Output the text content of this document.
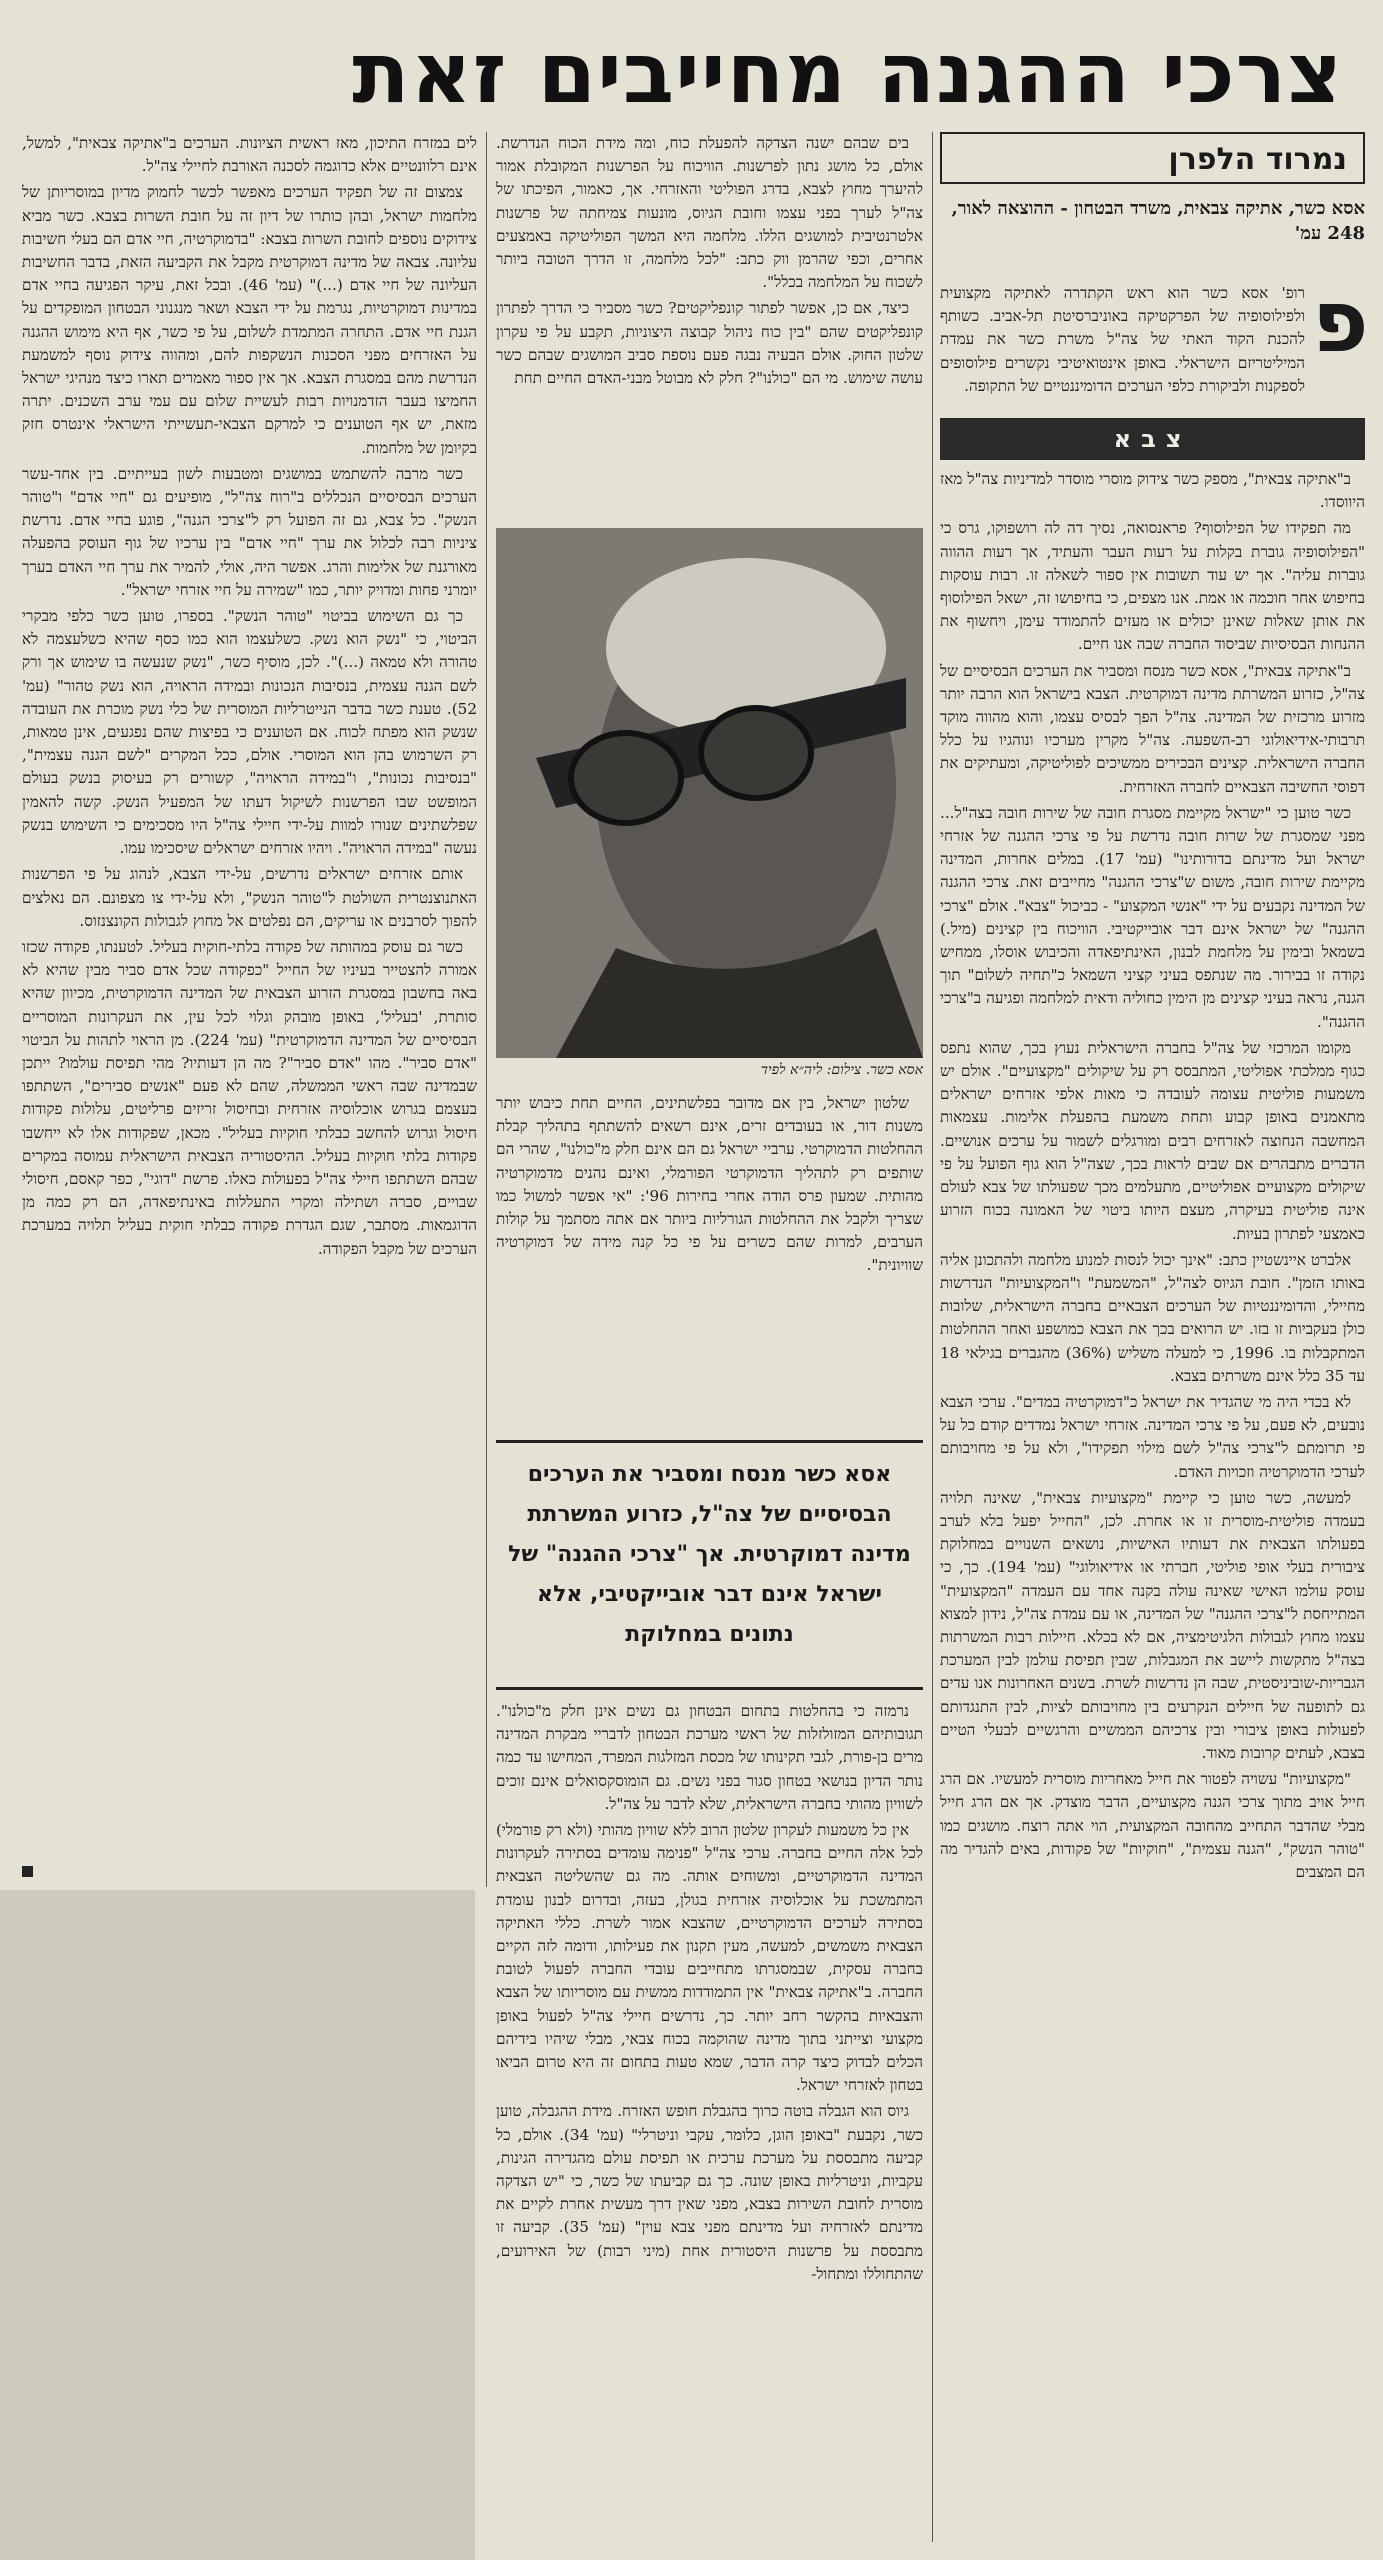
צרכי ההגנה מחייבים זאת
נמרוד הלפרן
אסא כשר, אתיקה צבאית, משרד הבטחון - ההוצאה לאור, 248 עמ'
פ

רופ' אסא כשר הוא ראש הקתדרה לאתיקה מקצועית ולפילוסופיה של הפרקטיקה באוניברסיטת תל-אביב. כשותף להכנת הקוד האתי של צה"ל משרת כשר את עמדת המיליטריזם הישראלי. באופן אינטואיטיבי נקשרים פילוסופים לספקנות ולביקורת כלפי הערכים הדומיננטיים של התקופה.

צבא

ב"אתיקה צבאית", מספק כשר צידוק מוסרי מוסדר למדיניות צה"ל מאז היווסדו.

מה תפקידו של הפילוסוף? פראנסואה, נסיך דה לה רושפוקו, גרס כי "הפילוסופיה גוברת בקלות על רעות העבר והעתיד, אך רעות ההווה גוברות עליה". אך יש עוד תשובות אין ספור לשאלה זו. רבות עוסקות בחיפוש אחר חוכמה או אמת. אנו מצפים, כי בחיפושו זה, ישאל הפילוסוף את אותן שאלות שאינן יכולים או מעזים להתמודד עימן, ויחשוף את ההנחות הבסיסיות שביסוד החברה שבה אנו חיים.

ב"אתיקה צבאית", אסא כשר מנסח ומסביר את הערכים הבסיסיים של צה"ל, כזרוע המשרתת מדינה דמוקרטית. הצבא בישראל הוא הרבה יותר מזרוע מרכזית של המדינה. צה"ל הפך לבסיס עצמו, והוא מהווה מוקד תרבותי-אידיאולוגי רב-השפעה. צה"ל מקרין מערכיו ונוהגיו על כלל החברה הישראלית. קצינים הבכירים ממשיכים לפוליטיקה, ומעתיקים את דפוסי החשיבה הצבאיים לחברה האזרחית.

כשר טוען כי "ישראל מקיימת מסגרת חובה של שירות חובה בצה"ל... מפני שמסגרת של שרות חובה נדרשת על פי צרכי ההגנה של אזרחי ישראל ועל מדינתם בדורותינו" (עמ' 17). במלים אחרות, המדינה מקיימת שירות חובה, משום ש"צרכי ההגנה" מחייבים זאת. צרכי ההגנה של המדינה נקבעים על ידי "אנשי המקצוע" - כביכול "צבא". אולם "צרכי ההגנה" של ישראל אינם דבר אובייקטיבי. הוויכוח בין קצינים (מיל.) בשמאל ובימין על מלחמת לבנון, האינתיפאדה והכיבוש אוסלו, ממחיש נקודה זו בבירור. מה שנתפס בעיני קציני השמאל כ"תחיה לשלום" תוך הגנה, נראה בעיני קצינים מן הימין כחוליה ודאית למלחמה ופגיעה ב"צרכי ההגנה".

מקומו המרכזי של צה"ל בחברה הישראלית נעוץ בכך, שהוא נתפס כגוף ממלכתי אפוליטי, המתבסס רק על שיקולים "מקצועיים". אולם יש משמעות פוליטית עצומה לעובדה כי מאות אלפי אזרחים ישראלים מתאמנים באופן קבוע ותחת משמעת בהפעלת אלימות. עצמאות המחשבה הנחוצה לאזרחים רבים ומורגלים לשמור על ערכים אנושיים. הדברים מתבהרים אם שבים לראות בכך, שצה"ל הוא גוף הפועל על פי שיקולים מקצועיים אפוליטיים, מתעלמים מכך שפעולתו של צבא לעולם אינה פוליטית בעיקרה, מעצם היותו ביטוי של האמונה בכוח הזרוע כאמצעי לפתרון בעיות.

אלברט איינשטיין כתב: "אינך יכול לנסות למנוע מלחמה ולהתכונן אליה באותו הזמן". חובת הגיוס לצה"ל, "המשמעת" ו"המקצועיות" הנדרשות מחיילי, והדומיננטיות של הערכים הצבאיים בחברה הישראלית, שלובות כולן בעקביות זו בזו. יש הרואים בכך את הצבא כמושפע ואחר ההחלטות המתקבלות בו. 1996, כי למעלה משליש (36%) מהגברים בגילאי 18 עד 35 כלל אינם משרתים בצבא.

לא בכדי היה מי שהגדיר את ישראל כ"דמוקרטיה במדים". ערכי הצבא נובעים, לא פעם, על פי צרכי המדינה. אזרחי ישראל נמדדים קודם כל על פי תרומתם ל"צרכי צה"ל לשם מילוי תפקידו", ולא על פי מחויבותם לערכי הדמוקרטיה וזכויות האדם.

למעשה, כשר טוען כי קיימת "מקצועיות צבאית", שאינה תלויה בעמדה פוליטית-מוסרית זו או אחרת. לכן, "החייל יפעל בלא לערב בפעולתו הצבאית את דעותיו האישיות, נושאים השנויים במחלוקת ציבורית בעלי אופי פוליטי, חברתי או אידיאולוגי" (עמ' 194). כך, כי עוסק עולמו האישי שאינה עולה בקנה אחד עם העמדה "המקצועית" המתייחסת ל"צרכי ההגנה" של המדינה, או עם עמדת צה"ל, נידון למצוא עצמו מחוץ לגבולות הלגיטימציה, אם לא בכלא. חיילות רבות המשרתות בצה"ל מתקשות ליישב את המגבלות, שבין תפיסת עולמן לבין המערכת הגבריות-שוביניסטית, שבה הן נדרשות לשרת. בשנים האחרונות אנו עדים גם לתופעה של חיילים הנקרעים בין מחויבותם לציות, לבין התנגדותם לפעולות באופן ציבורי ובין צרכיהם הממשיים והרגשיים לבעלי הטיים בצבא, לעתים קרובות מאוד.

"מקצועיות" עשויה לפטור את חייל מאחריות מוסרית למעשיו. אם הרג חייל אויב מתוך צרכי הגנה מקצועיים, הדבר מוצדק. אך אם הרג חייל מבלי שהדבר התחייב מהחובה המקצועית, הוי אתה רוצח. מושגים כמו "טוהר הנשק", "הגנה עצמית", "חוקיות" של פקודות, באים להגדיר מה הם המצבים

בים שבהם ישנה הצדקה להפעלת כוח, ומה מידת הכוח הנדרשת. אולם, כל מושג נתון לפרשנות. הוויכוח על הפרשנות המקובלת אמור להיערך מחוץ לצבא, בדרג הפוליטי והאזרחי. אך, כאמור, הפיכתו של צה"ל לערך בפני עצמו וחובת הגיוס, מונעות צמיחתה של פרשנות אלטרנטיבית למושגים הללו. מלחמה היא המשך הפוליטיקה באמצעים אחרים, וכפי שהרמן ווק כתב: "לכל מלחמה, זו הדרך הטובה ביותר לשכוח על המלחמה בכלל".

כיצד, אם כן, אפשר לפתור קונפליקטים? כשר מסביר כי הדרך לפתרון קונפליקטים שהם "בין כוח ניהול קבוצה היצוניות, תקבע על פי עקרון שלטון החוק. אולם הבעיה נבגה פעם נוספת סביב המושגים שבהם כשר עושה שימוש. מי הם "כולנו"? חלק לא מבוטל מבני-האדם החיים תחת

אסא כשר. צילום: ליה״א לפיד

שלטון ישראל, בין אם מדובר בפלשתינים, החיים תחת כיבוש יותר משנות דור, או בעובדים זרים, אינם רשאים להשתתף בתהליך קבלת ההחלטות הדמוקרטי. ערביי ישראל גם הם אינם חלק מ"כולנו", שהרי הם שותפים רק לתהליך הדמוקרטי הפורמלי, ואינם נהנים מדמוקרטיה מהותית. שמעון פרס הודה אחרי בחירות 96': "אי אפשר למשול כמו שצריך ולקבל את ההחלטות הגורליות ביותר אם אתה מסתמך על קולות הערבים, למרות שהם כשרים על פי כל קנה מידה של דמוקרטיה שוויונית".

אסא כשר מנסח ומסביר את הערכים הבסיסיים של צה"ל, כזרוע המשרתת מדינה דמוקרטית. אך "צרכי ההגנה" של ישראל אינם דבר אובייקטיבי, אלא נתונים במחלוקת

נרמזה כי בהחלטות בתחום הבטחון גם נשים אינן חלק מ"כולנו". תגובותיהם המזולזלות של ראשי מערכת הבטחון לדבריי מבקרת המדינה מרים בן-פורת, לגבי תקינותו של מכסת המזלגות המפרד, המחישו עד כמה נותר הדיון בנושאי בטחון סגור בפני נשים. גם הומוסקסואלים אינם זוכים לשוויון מהותי בחברה הישראלית, שלא לדבר על צה"ל.

אין כל משמעות לעקרון שלטון הרוב ללא שוויון מהותי (ולא רק פורמלי) לכל אלה החיים בחברה. ערכי צה"ל "פנימה עומדים בסתירה לעקרונות המדינה הדמוקרטיים, ומשוחים אותה. מה גם שהשליטה הצבאית המתמשכת על אוכלוסיה אזרחית בגולן, בעזה, ובדרום לבנון עומדת בסתירה לערכים הדמוקרטיים, שהצבא אמור לשרת. כללי האתיקה הצבאית משמשים, למעשה, מעין תקנון את פעילותו, ודומה לזה הקיים בחברה עסקית, שבמסגרתו מתחייבים עובדי החברה לפעול לטובת החברה. ב"אתיקה צבאית" אין התמודדות ממשית עם מוסריותו של הצבא והצבאיות בהקשר רחב יותר. כך, נדרשים חיילי צה"ל לפעול באופן מקצועי וצייתני בתוך מדינה שהוקמה בכוח צבאי, מבלי שיהיו בידיהם הכלים לבדוק כיצד קרה הדבר, שמא טעות בתחום זה היא טרום הביאו בטחון לאזרחי ישראל.

גיוס הוא הגבלה בוטה כרוך בהגבלת חופש האזרח. מידת ההגבלה, טוען כשר, נקבעת "באופן הוגן, כלומר, עקבי וניטרלי" (עמ' 34). אולם, כל קביעה מתבססת על מערכת ערכית או תפיסת עולם מהגדירה הגינות, עקביות, וניטרליות באופן שונה. כך גם קביעתו של כשר, כי "יש הצדקה מוסרית לחובת השירות בצבא, מפני שאין דרך מעשית אחרת לקיים את מדינתם לאזרחיה ועל מדינתם מפני צבא עוין" (עמ' 35). קביעה זו מתבססת על פרשנות היסטורית אחת (מיני רבות) של האירועים, שהתחוללו ומתחול-

לים במזרח התיכון, מאז ראשית הציונות. הערכים ב"אתיקה צבאית", למשל, אינם רלוונטיים אלא כדוגמה לסכנה האורבת לחיילי צה"ל.

צמצום זה של תפקיד הערכים מאפשר לכשר לחמוק מדיון במוסריותן של מלחמות ישראל, ובהן כותרו של דיון זה על חובת השרות בצבא. כשר מביא צידוקים נוספים לחובת השרות בצבא: "בדמוקרטיה, חיי אדם הם בעלי חשיבות עליונה. צבאה של מדינה דמוקרטית מקבל את הקביעה הזאת, בדבר החשיבות העליונה של חיי אדם (...)" (עמ' 46). ובכל זאת, עיקר הפגיעה בחיי אדם במדינות דמוקרטיות, נגרמת על ידי הצבא ושאר מנגנוני הבטחון המופקדים על הגנת חיי אדם. התחרה המתמדת לשלום, על פי כשר, אף היא מימוש ההגנה על האזרחים מפני הסכנות הנשקפות להם, ומהווה צידוק נוסף למשמעת הנדרשת מהם במסגרת הצבא. אך אין ספור מאמרים תארו כיצד מנהיגי ישראל החמיצו בעבר הזדמנויות רבות לעשיית שלום עם עמי ערב השכנים. יתרה מזאת, יש אף הטוענים כי למרקם הצבאי-תעשייתי הישראלי אינטרס חזק בקיומן של מלחמות.

כשר מרבה להשתמש במושגים ומטבעות לשון בעייתיים. בין אחד-עשר הערכים הבסיסיים הנכללים ב"רוח צה"ל", מופיעים גם "חיי אדם" ו"טוהר הנשק". כל צבא, גם זה הפועל רק ל"צרכי הגנה", פוגע בחיי אדם. נדרשת ציניות רבה לכלול את ערך "חיי אדם" בין ערכיו של גוף העוסק בהפעלה מאורגנת של אלימות והרג. אפשר היה, אולי, להמיר את ערך חיי האדם בערך יומרני פחות ומדויק יותר, כמו "שמירה על חיי אזרחי ישראל".

כך גם השימוש בביטוי "טוהר הנשק". בספרו, טוען כשר כלפי מבקרי הביטוי, כי "נשק הוא נשק. כשלעצמו הוא כמו כסף שהיא כשלעצמה לא טהורה ולא טמאה (...)". לכן, מוסיף כשר, "נשק שנעשה בו שימוש אך ורק לשם הגנה עצמית, בנסיבות הנכונות ובמידה הראויה, הוא נשק טהור" (עמ' 52). טענת כשר בדבר הנייטרליות המוסרית של כלי נשק מוכרת את העובדה שנשק הוא מפתח לכוח. אם הטוענים כי בפיצות שהם נפגעים, אינן טמאות, רק השרמוש בהן הוא המוסרי. אולם, ככל המקרים "לשם הגנה עצמית", "בנסיבות נכונות", ו"במידה הראויה", קשורים רק בעיסוק בנשק בעולם המופשט שבו הפרשנות לשיקול דעתו של המפעיל הנשק. קשה להאמין שפלשתינים שנורו למוות על-ידי חיילי צה"ל היו מסכימים כי השימוש בנשק נעשה "במידה הראויה". ויהיו אזרחים ישראלים שיסכימו עמו.

אותם אזרחים ישראלים נדרשים, על-ידי הצבא, לנהוג על פי הפרשנות האתנוצנטרית השולטת ל"טוהר הנשק", ולא על-ידי צו מצפונם. הם נאלצים להפוך לסרבנים או עריקים, הם נפלטים אל מחוץ לגבולות הקונצנזוס.

כשר גם עוסק במהותה של פקודה בלתי-חוקית בעליל. לטענתו, פקודה שכזו אמורה להצטייר בעיניו של החייל "כפקודה שכל אדם סביר מבין שהיא לא באה בחשבון במסגרת הזרוע הצבאית של המדינה הדמוקרטית, מכיוון שהיא סותרת, 'בעליל', באופן מובהק וגלוי לכל עין, את העקרונות המוסריים הבסיסיים של המדינה הדמוקרטית" (עמ' 224). מן הראוי לתהות על הביטוי "אדם סביר". מהו "אדם סביר"? מה הן דעותיו? מהי תפיסת עולמו? ייתכן שבמדינה שבה ראשי הממשלה, שהם לא פעם "אנשים סבירים", השתתפו בעצמם בגרוש אוכלוסיה אזרחית ובחיסול זריזים פרליטים, עלולות פקודות חיסול וגרוש להחשב כבלתי חוקיות בעליל". מכאן, שפקודות אלו לא ייחשבו פקודות בלתי חוקיות בעליל. ההיסטוריה הצבאית הישראלית עמוסה במקרים שבהם השתתפו חיילי צה"ל בפעולות כאלו. פרשת "דוגי", כפר קאסם, חיסולי שבויים, סברה ושתילה ומקרי התעללות באינתיפאדה, הם רק כמה מן הדוגמאות. מסתבר, שגם הגדרת פקודה כבלתי חוקית בעליל תלויה במערכת הערכים של מקבל הפקודה.
